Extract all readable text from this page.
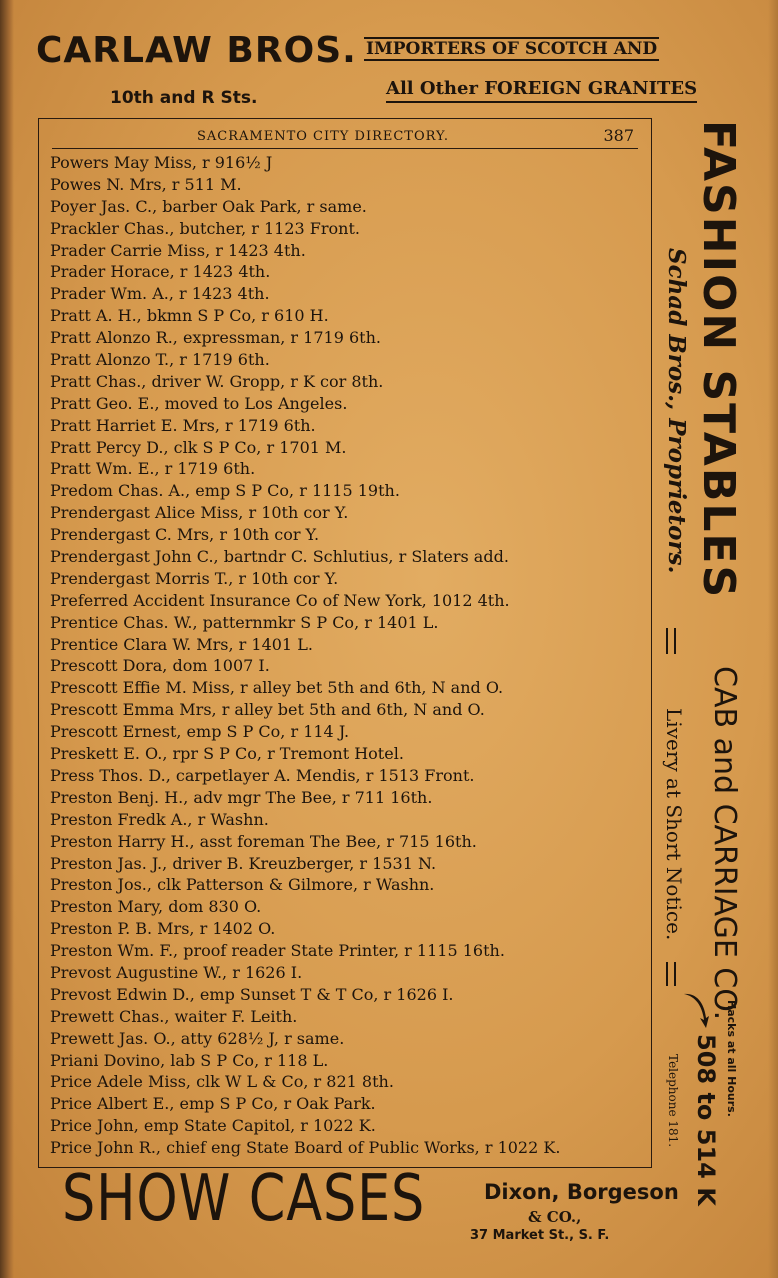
CARLAW BROS.
10th and R Sts.
IMPORTERS OF SCOTCH AND
All Other FOREIGN GRANITES
SACRAMENTO CITY DIRECTORY.	387
Powers May Miss, r 916½ J
Powes N. Mrs, r 511 M.
Poyer Jas. C., barber Oak Park, r same.
Prackler Chas., butcher, r 1123 Front.
Prader Carrie Miss, r 1423 4th.
Prader Horace, r 1423 4th.
Prader Wm. A., r 1423 4th.
Pratt A. H., bkmn S P Co, r 610 H.
Pratt Alonzo R., expressman, r 1719 6th.
Pratt Alonzo T., r 1719 6th.
Pratt Chas., driver W. Gropp, r K cor 8th.
Pratt Geo. E., moved to Los Angeles.
Pratt Harriet E. Mrs, r 1719 6th.
Pratt Percy D., clk S P Co, r 1701 M.
Pratt Wm. E., r 1719 6th.
Predom Chas. A., emp S P Co, r 1115 19th.
Prendergast Alice Miss, r 10th cor Y.
Prendergast C. Mrs, r 10th cor Y.
Prendergast John C., bartndr C. Schlutius, r Slaters add.
Prendergast Morris T., r 10th cor Y.
Preferred Accident Insurance Co of New York, 1012 4th.
Prentice Chas. W., patternmkr S P Co, r 1401 L.
Prentice Clara W. Mrs, r 1401 L.
Prescott Dora, dom 1007 I.
Prescott Effie M. Miss, r alley bet 5th and 6th, N and O.
Prescott Emma Mrs, r alley bet 5th and 6th, N and O.
Prescott Ernest, emp S P Co, r 114 J.
Preskett E. O., rpr S P Co, r Tremont Hotel.
Press Thos. D., carpetlayer A. Mendis, r 1513 Front.
Preston Benj. H., adv mgr The Bee, r 711 16th.
Preston Fredk A., r Washn.
Preston Harry H., asst foreman The Bee, r 715 16th.
Preston Jas. J., driver B. Kreuzberger, r 1531 N.
Preston Jos., clk Patterson & Gilmore, r Washn.
Preston Mary, dom 830 O.
Preston P. B. Mrs, r 1402 O.
Preston Wm. F., proof reader State Printer, r 1115 16th.
Prevost Augustine W., r 1626 I.
Prevost Edwin D., emp Sunset T & T Co, r 1626 I.
Prewett Chas., waiter F. Leith.
Prewett Jas. O., atty 628½ J, r same.
Priani Dovino, lab S P Co, r 118 L.
Price Adele Miss, clk W L & Co, r 821 8th.
Price Albert E., emp S P Co, r Oak Park.
Price John, emp State Capitol, r 1022 K.
Price John R., chief eng State Board of Public Works, r 1022 K.
FASHION STABLES
Schad Bros., Proprietors.
CAB and CARRIAGE CO.
Livery at Short Notice.
Hacks at all Hours.
508 to 514 K
Telephone 181.
SHOW CASES	Dixon, Borgeson
& CO.,
37 Market St., S. F.
